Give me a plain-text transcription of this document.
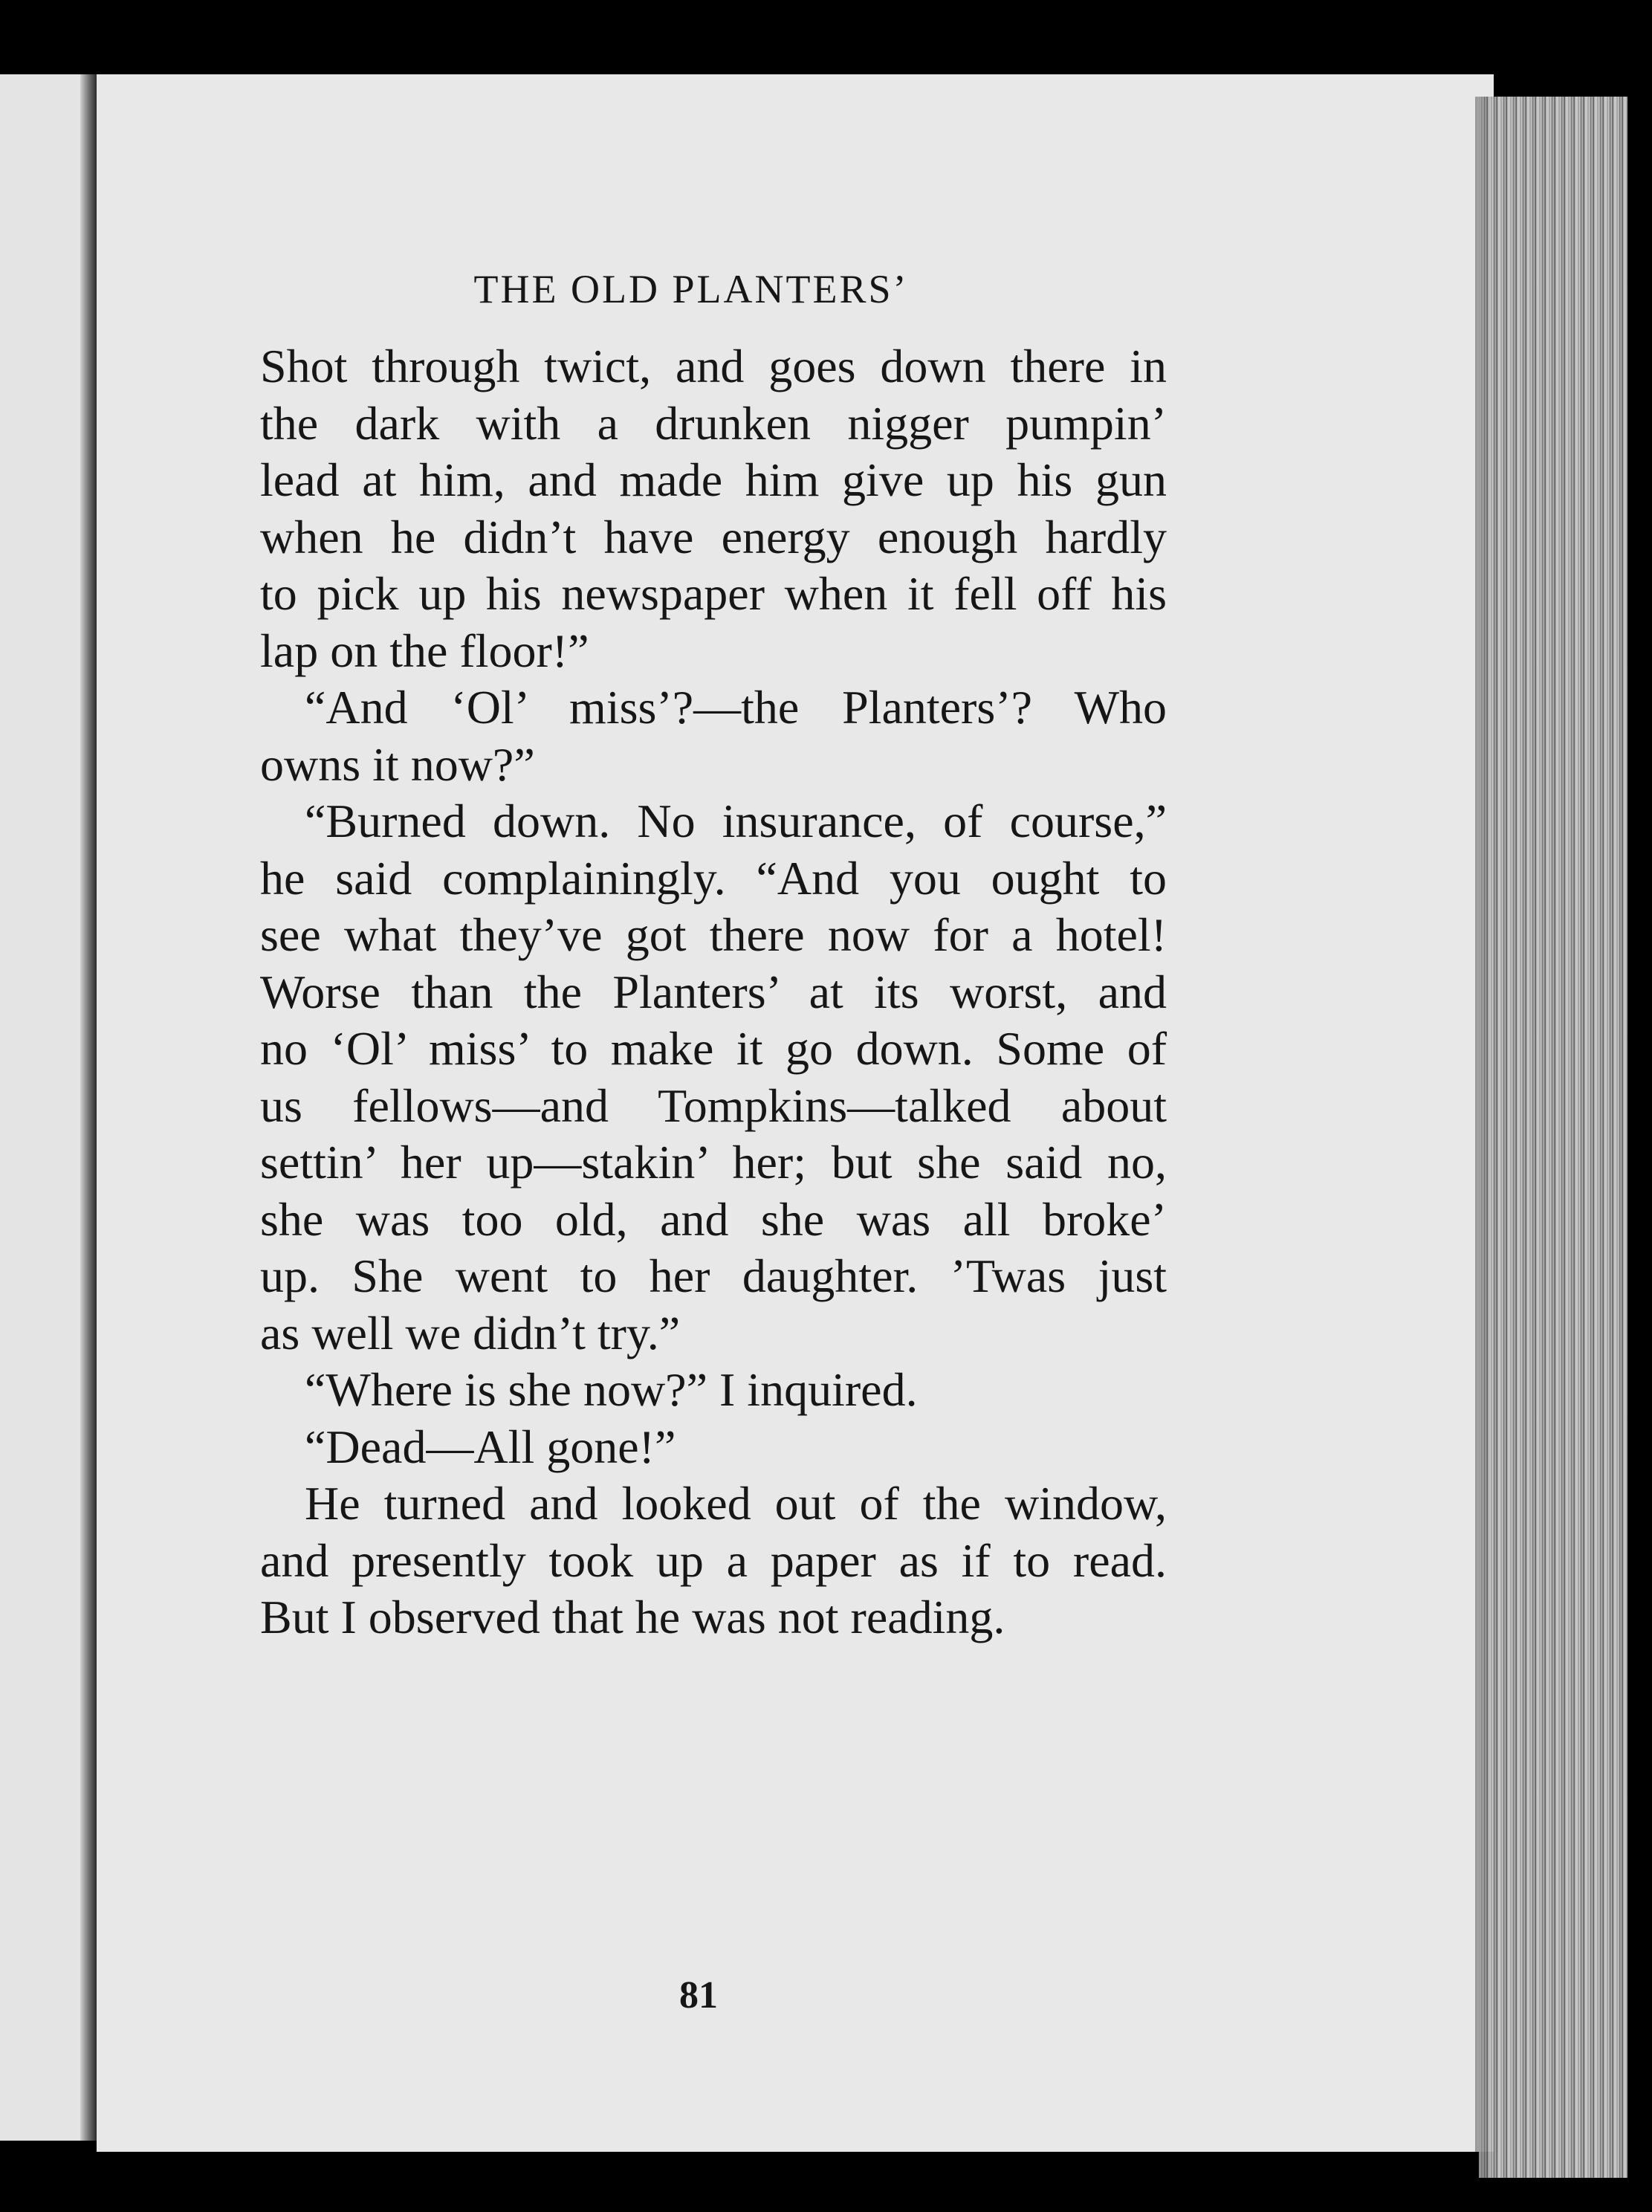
THE OLD PLANTERS’
Shot through twict, and goes down there in
the dark with a drunken nigger pumpin’
lead at him, and made him give up his gun
when he didn’t have energy enough hardly
to pick up his newspaper when it fell off his
lap on the floor!”
“And ‘Ol’ miss’?—the Planters’? Who
owns it now?”
“Burned down. No insurance, of course,”
he said complainingly. “And you ought to
see what they’ve got there now for a hotel!
Worse than the Planters’ at its worst, and
no ‘Ol’ miss’ to make it go down. Some of
us fellows—and Tompkins—talked about
settin’ her up—stakin’ her; but she said no,
she was too old, and she was all broke’
up. She went to her daughter. ’Twas just
as well we didn’t try.”
“Where is she now?” I inquired.
“Dead—All gone!”
He turned and looked out of the window,
and presently took up a paper as if to read.
But I observed that he was not reading.
81
